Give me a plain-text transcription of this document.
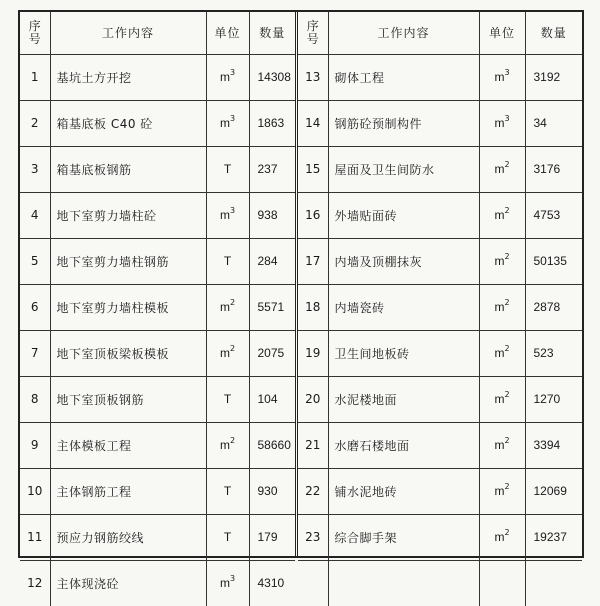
序
号	工作内容	单位	数量
1	基坑土方开挖	$m^3$	14308
2	箱基底板 C40 砼	$m^3$	1863
3	箱基底板钢筋	T	237
4	地下室剪力墙柱砼	$m^3$	938
5	地下室剪力墙柱钢筋	T	284
6	地下室剪力墙柱模板	$m^2$	5571
7	地下室顶板梁板模板	$m^2$	2075
8	地下室顶板钢筋	T	104
9	主体模板工程	$m^2$	58660
10	主体钢筋工程	T	930
11	预应力钢筋绞线	T	179
12	主体现浇砼	$m^3$	4310
序
号	工作内容	单位	数量
13	砌体工程	$m^3$	3192
14	钢筋砼预制构件	$m^3$	34
15	屋面及卫生间防水	$m^2$	3176
16	外墙贴面砖	$m^2$	4753
17	内墙及顶棚抹灰	$m^2$	50135
18	内墙瓷砖	$m^2$	2878
19	卫生间地板砖	$m^2$	523
20	水泥楼地面	$m^2$	1270
21	水磨石楼地面	$m^2$	3394
22	铺水泥地砖	$m^2$	12069
23	综合脚手架	$m^2$	19237
